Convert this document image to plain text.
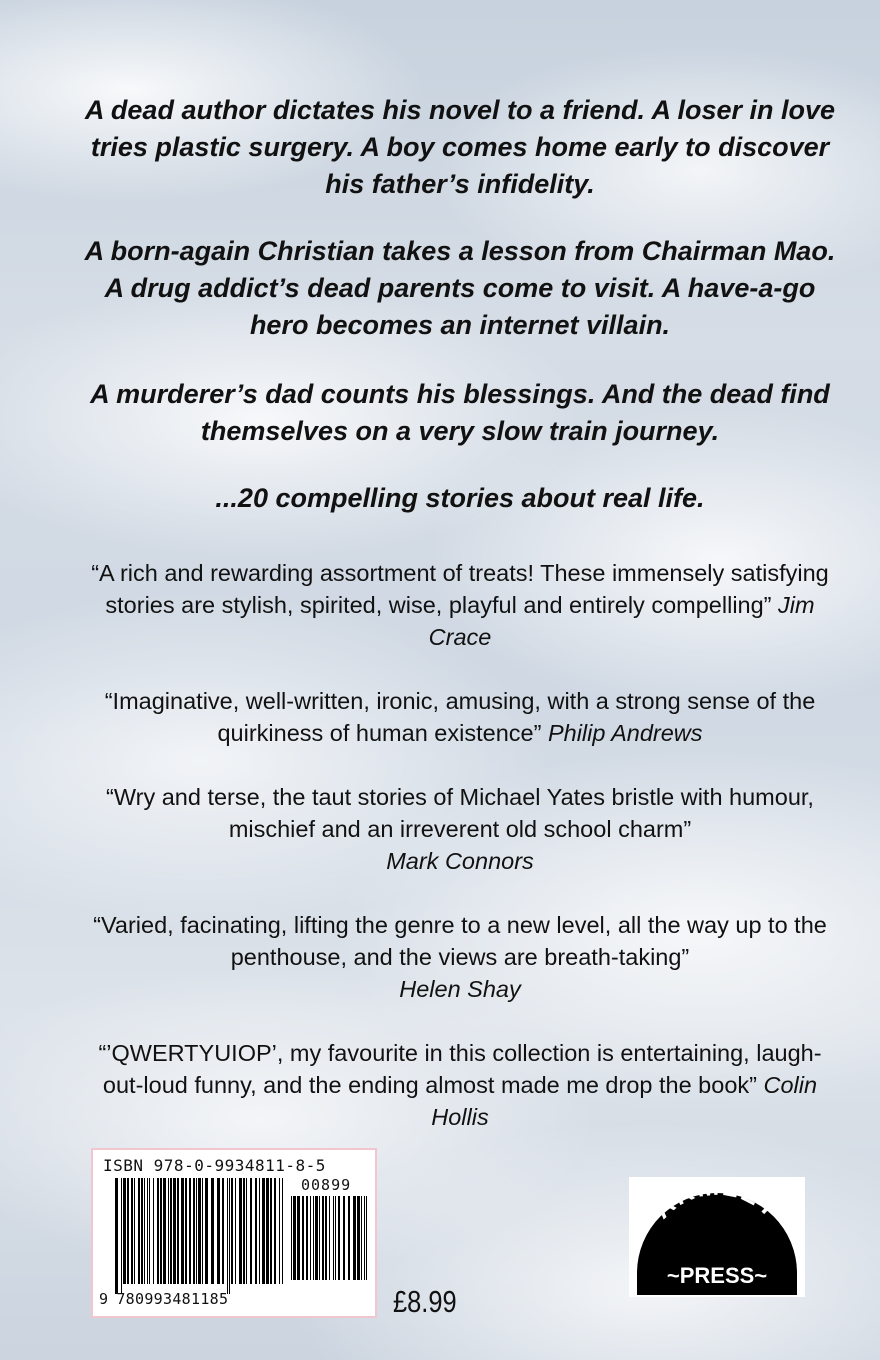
A dead author dictates his novel to a friend. A loser in love tries plastic surgery. A boy comes home early to discover his father’s infidelity.

A born-again Christian takes a lesson from Chairman Mao. A drug addict’s dead parents come to visit. A have-a-go hero becomes an internet villain.

A murderer’s dad counts his blessings. And the dead find themselves on a very slow train journey.

...20 compelling stories about real life.

“A rich and rewarding assortment of treats! These immensely satisfying stories are stylish, spirited, wise, playful and entirely compelling” Jim Crace

“Imaginative, well-written, ironic, amusing, with a strong sense of the quirkiness of human existence” Philip Andrews

“Wry and terse, the taut stories of Michael Yates bristle with humour, mischief and an irreverent old school charm”
Mark Connors

“Varied, facinating, lifting the genre to a new level, all the way up to the penthouse, and the views are breath-taking”
Helen Shay

“’QWERTYUIOP’, my favourite in this collection is entertaining, laugh-out-loud funny, and the ending almost made me drop the book” Colin Hollis

ISBN 978-0-9934811-8-5
00899
9 780993481185	£8.99
ARMLEY
~PRESS~
